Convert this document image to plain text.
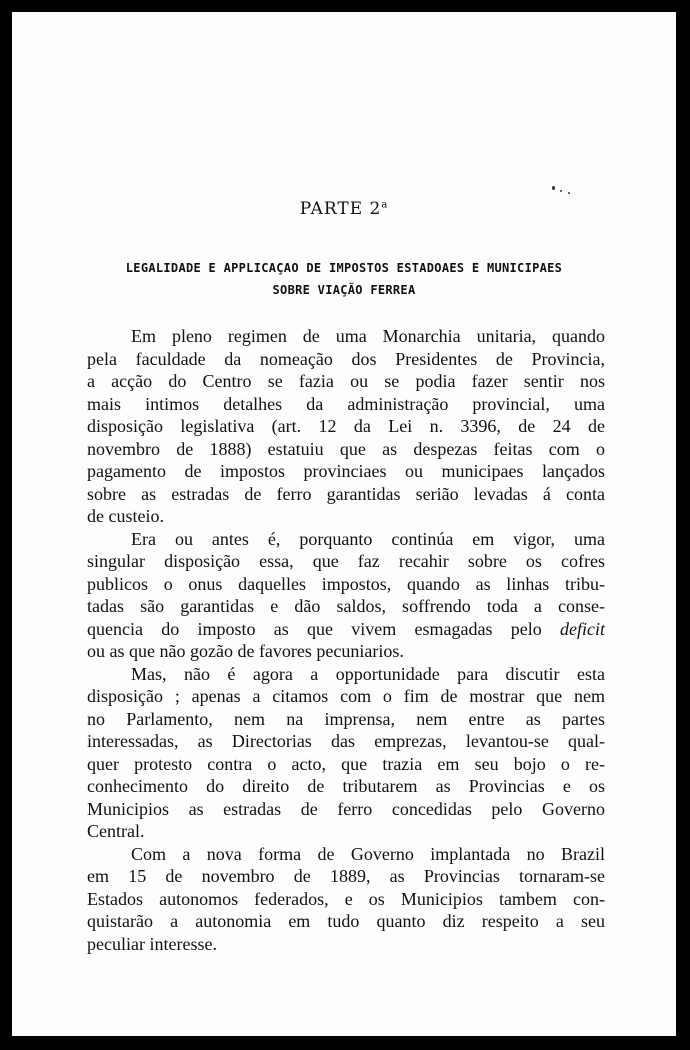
PARTE 2$^a$
LEGALIDADE E APPLICAÇAO DE IMPOSTOS ESTADOAES E MUNICIPAES
SOBRE VIAÇÃO FERREA
Em pleno regimen de uma Monarchia unitaria, quando
pela faculdade da nomeação dos Presidentes de Provincia,
a acção do Centro se fazia ou se podia fazer sentir nos
mais intimos detalhes da administração provincial, uma
disposição legislativa (art. 12 da Lei n. 3396, de 24 de
novembro de 1888) estatuiu que as despezas feitas com o
pagamento de impostos provinciaes ou municipaes lançados
sobre as estradas de ferro garantidas serião levadas á conta
de custeio.
Era ou antes é, porquanto continúa em vigor, uma
singular disposição essa, que faz recahir sobre os cofres
publicos o onus daquelles impostos, quando as linhas tribu-
tadas são garantidas e dão saldos, soffrendo toda a conse-
quencia do imposto as que vivem esmagadas pelo deficit
ou as que não gozão de favores pecuniarios.
Mas, não é agora a opportunidade para discutir esta
disposição ; apenas a citamos com o fim de mostrar que nem
no Parlamento, nem na imprensa, nem entre as partes
interessadas, as Directorias das emprezas, levantou-se qual-
quer protesto contra o acto, que trazia em seu bojo o re-
conhecimento do direito de tributarem as Provincias e os
Municipios as estradas de ferro concedidas pelo Governo
Central.
Com a nova forma de Governo implantada no Brazil
em 15 de novembro de 1889, as Provincias tornaram-se
Estados autonomos federados, e os Municipios tambem con-
quistarão a autonomia em tudo quanto diz respeito a seu
peculiar interesse.
